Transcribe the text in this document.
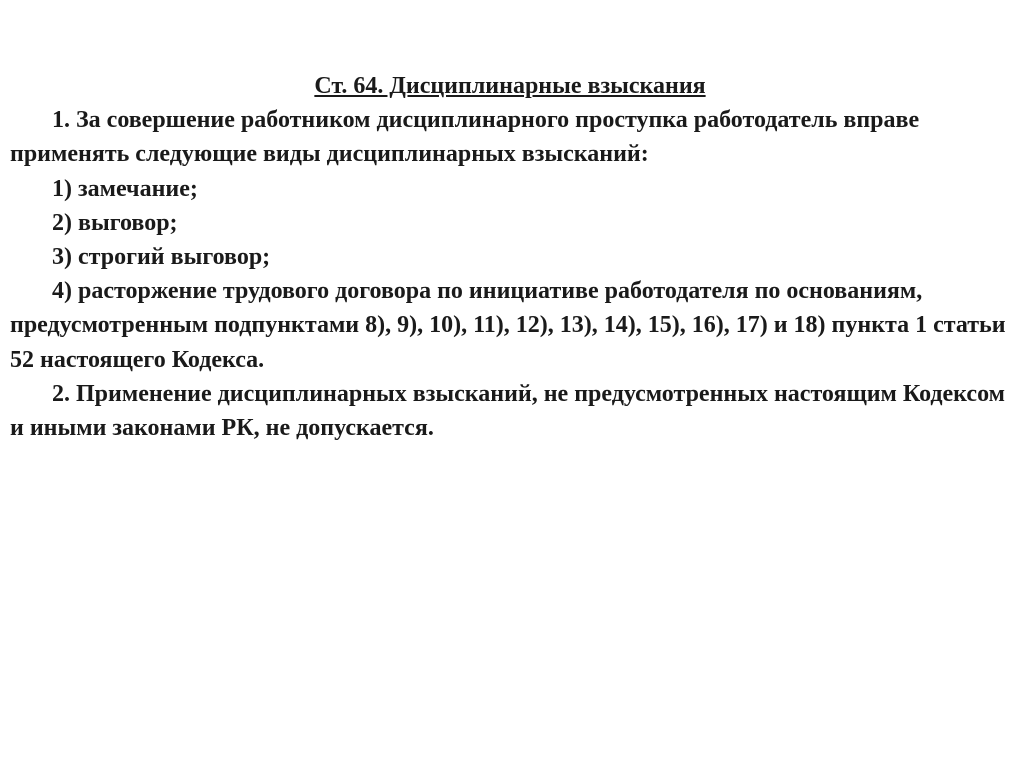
Ст. 64. Дисциплинарные взыскания

1. За совершение работником дисциплинарного проступка работодатель вправе применять следующие виды дисциплинарных взысканий:

1) замечание;

2) выговор;

3) строгий выговор;

4) расторжение трудового договора по инициативе работодателя по основаниям, предусмотренным подпунктами 8), 9), 10), 11), 12), 13), 14), 15), 16), 17) и 18) пункта 1 статьи 52 настоящего Кодекса.

2. Применение дисциплинарных взысканий, не предусмотренных настоящим Кодексом и иными законами РК, не допускается.
